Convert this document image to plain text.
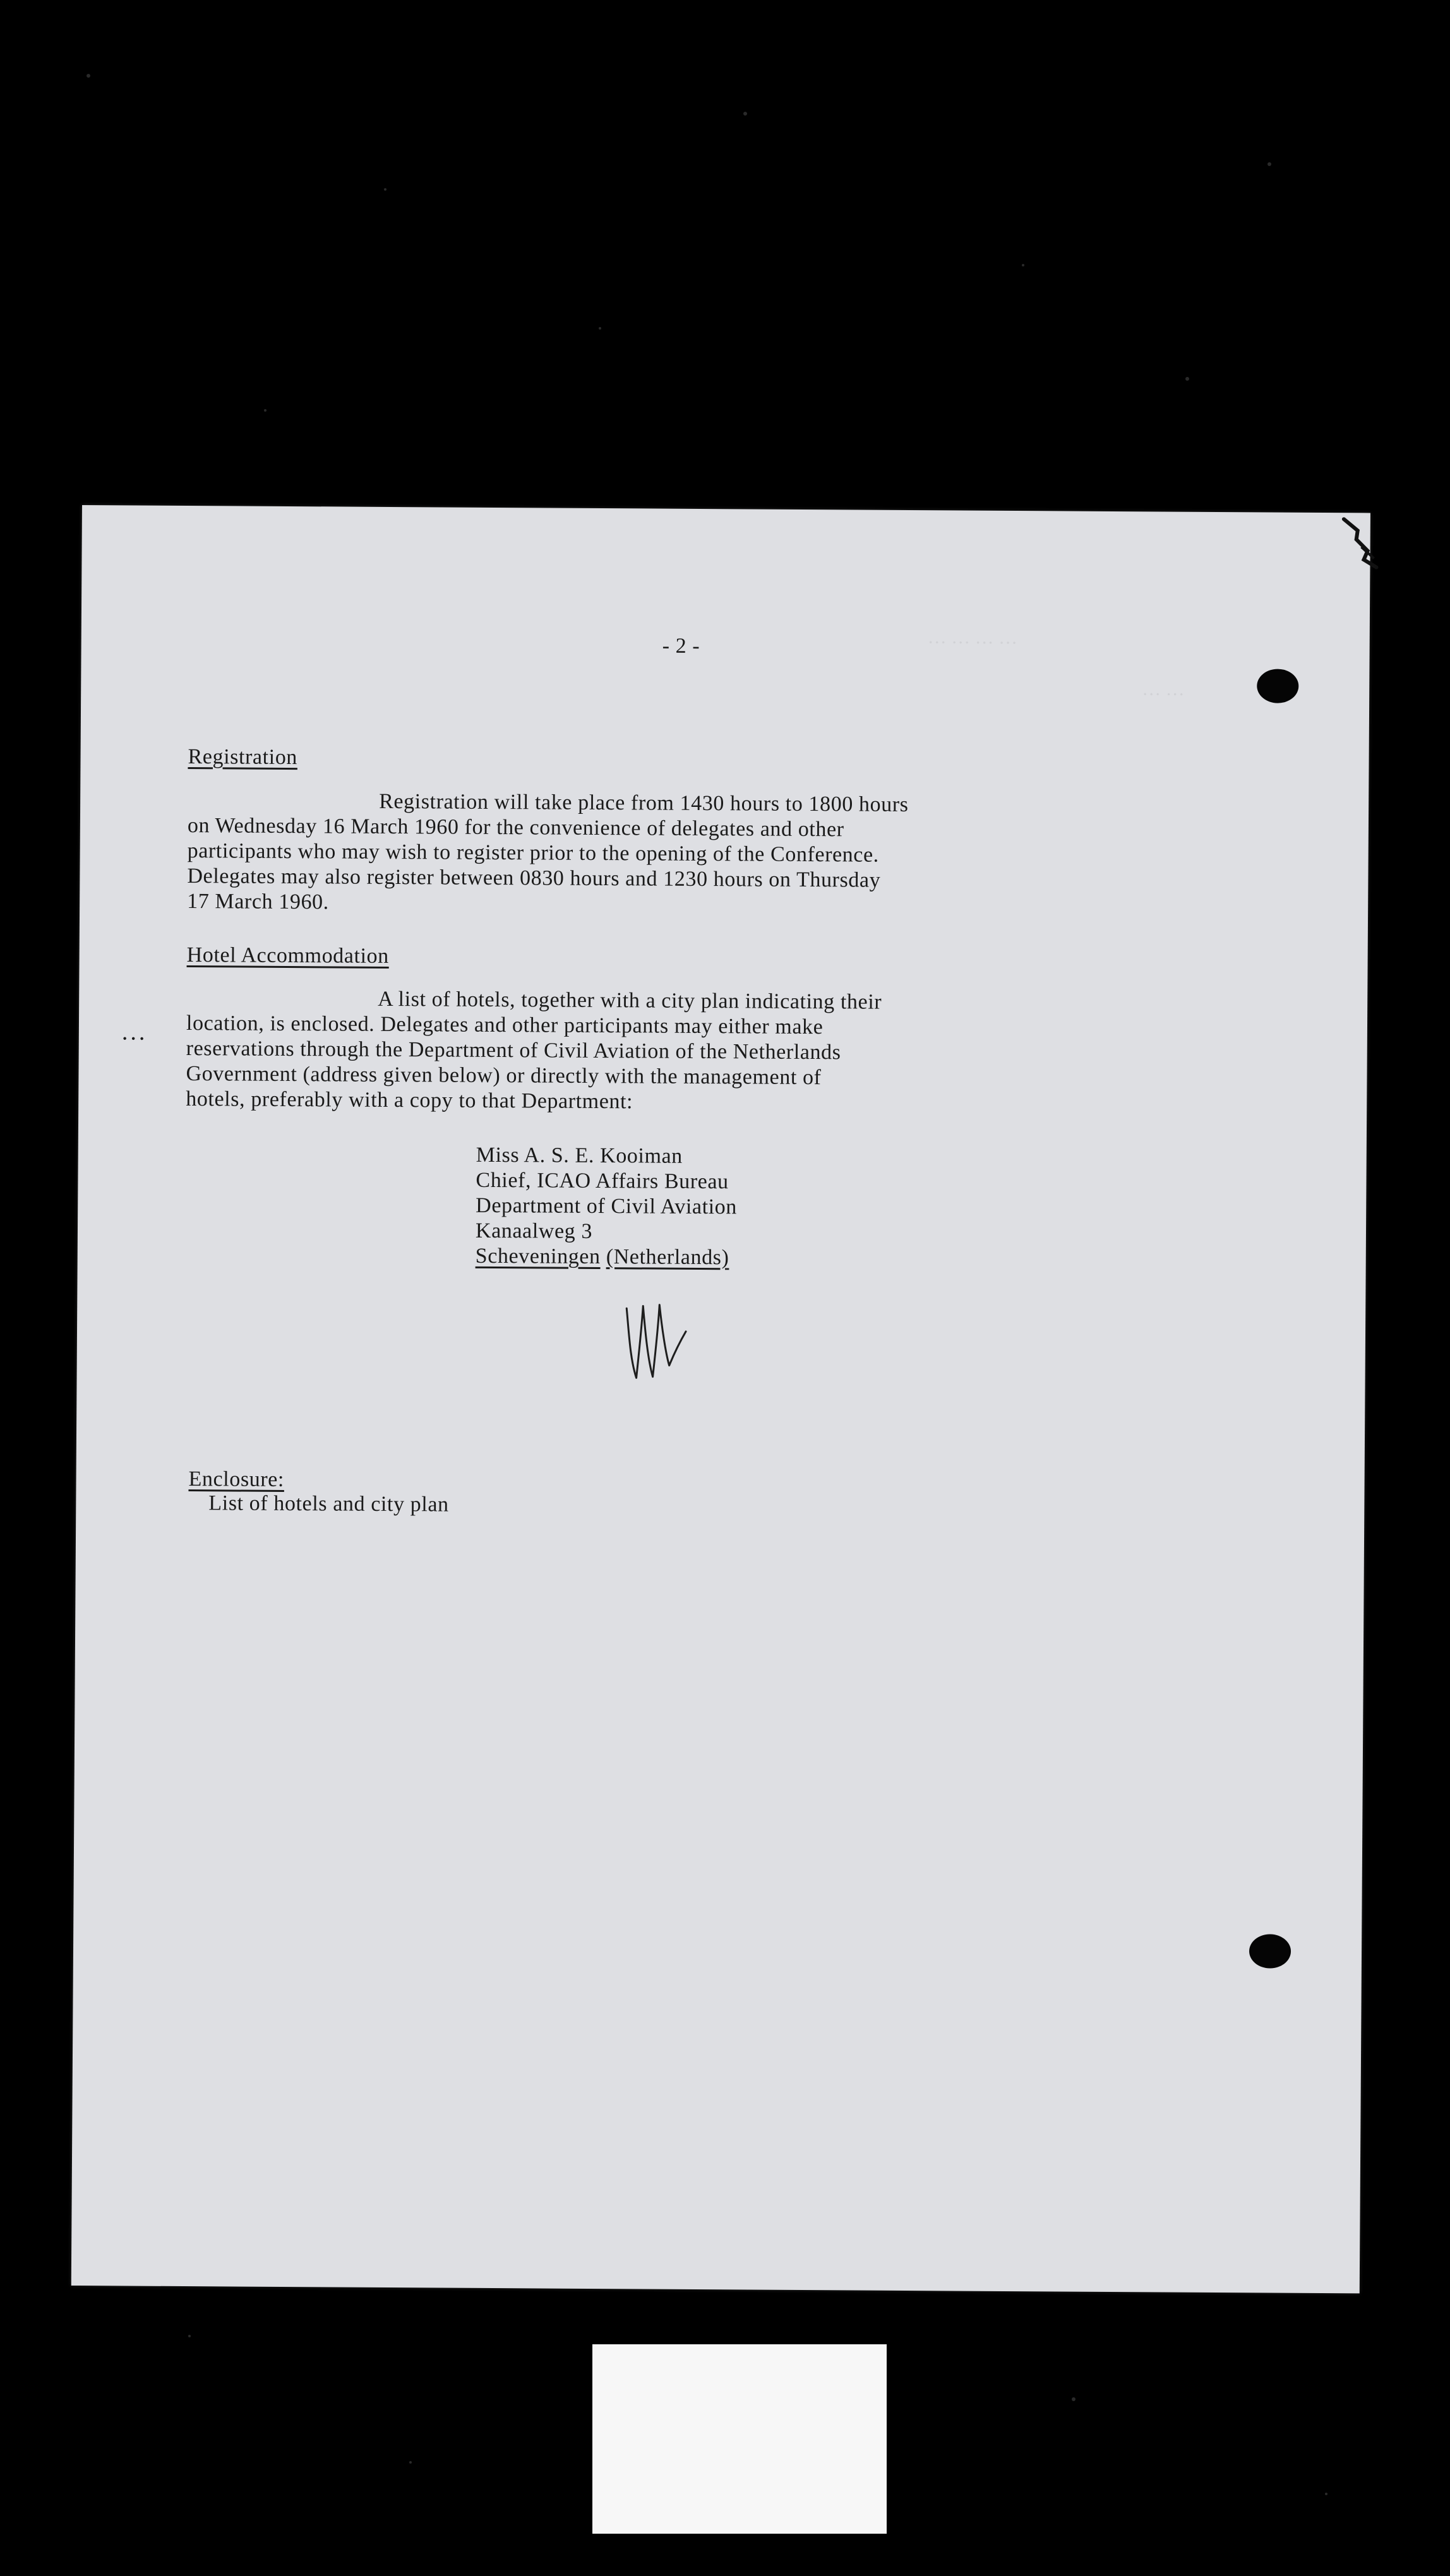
··· ··· ··· ···
··· ···
- 2 -
Registration
Registration will take place from 1430 hours to 1800 hours
on Wednesday 16 March 1960 for the convenience of delegates and other
participants who may wish to register prior to the opening of the Conference.
Delegates may also register between 0830 hours and 1230 hours on Thursday
17 March 1960.
Hotel Accommodation
...
A list of hotels, together with a city plan indicating their
location, is enclosed. Delegates and other participants may either make
reservations through the Department of Civil Aviation of the Netherlands
Government (address given below) or directly with the management of
hotels, preferably with a copy to that Department:
Miss A. S. E. Kooiman
Chief, ICAO Affairs Bureau
Department of Civil Aviation
Kanaalweg 3
Scheveningen (Netherlands)
Enclosure:
List of hotels and city plan
